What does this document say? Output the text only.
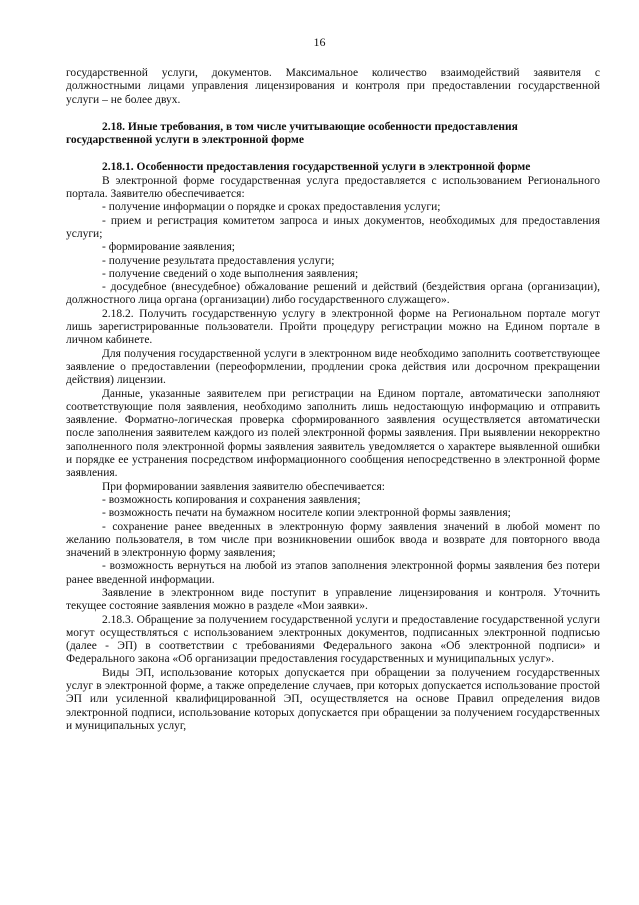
16

государственной услуги, документов. Максимальное количество взаимодействий заявителя с должностными лицами управления лицензирования и контроля при предоставлении государственной услуги – не более двух.

2.18. Иные требования, в том числе учитывающие особенности предоставления государственной услуги в электронной форме

2.18.1. Особенности предоставления государственной услуги в электронной форме

В электронной форме государственная услуга предоставляется с использованием Регионального портала. Заявителю обеспечивается:

- получение информации о порядке и сроках предоставления услуги;

- прием и регистрация комитетом запроса и иных документов, необходимых для предоставления услуги;

- формирование заявления;

- получение результата предоставления услуги;

- получение сведений о ходе выполнения заявления;

- досудебное (внесудебное) обжалование решений и действий (бездействия органа (организации), должностного лица органа (организации) либо государственного служащего».

2.18.2. Получить государственную услугу в электронной форме на Региональном портале могут лишь зарегистрированные пользователи. Пройти процедуру регистрации можно на Едином портале в личном кабинете.

Для получения государственной услуги в электронном виде необходимо заполнить соответствующее заявление о предоставлении (переоформлении, продлении срока действия или досрочном прекращении действия) лицензии.

Данные, указанные заявителем при регистрации на Едином портале, автоматически заполняют соответствующие поля заявления, необходимо заполнить лишь недостающую информацию и отправить заявление. Форматно-логическая проверка сформированного заявления осуществляется автоматически после заполнения заявителем каждого из полей электронной формы заявления. При выявлении некорректно заполненного поля электронной формы заявления заявитель уведомляется о характере выявленной ошибки и порядке ее устранения посредством информационного сообщения непосредственно в электронной форме заявления.

При формировании заявления заявителю обеспечивается:

- возможность копирования и сохранения заявления;

- возможность печати на бумажном носителе копии электронной формы заявления;

- сохранение ранее введенных в электронную форму заявления значений в любой момент по желанию пользователя, в том числе при возникновении ошибок ввода и возврате для повторного ввода значений в электронную форму заявления;

- возможность вернуться на любой из этапов заполнения электронной формы заявления без потери ранее введенной информации.

Заявление в электронном виде поступит в управление лицензирования и контроля. Уточнить текущее состояние заявления можно в разделе «Мои заявки».

2.18.3. Обращение за получением государственной услуги и предоставление государственной услуги могут осуществляться с использованием электронных документов, подписанных электронной подписью (далее - ЭП) в соответствии с требованиями Федерального закона «Об электронной подписи» и Федерального закона «Об организации предоставления государственных и муниципальных услуг».

Виды ЭП, использование которых допускается при обращении за получением государственных услуг в электронной форме, а также определение случаев, при которых допускается использование простой ЭП или усиленной квалифицированной ЭП, осуществляется на основе Правил определения видов электронной подписи, использование которых допускается при обращении за получением государственных и муниципальных услуг,
